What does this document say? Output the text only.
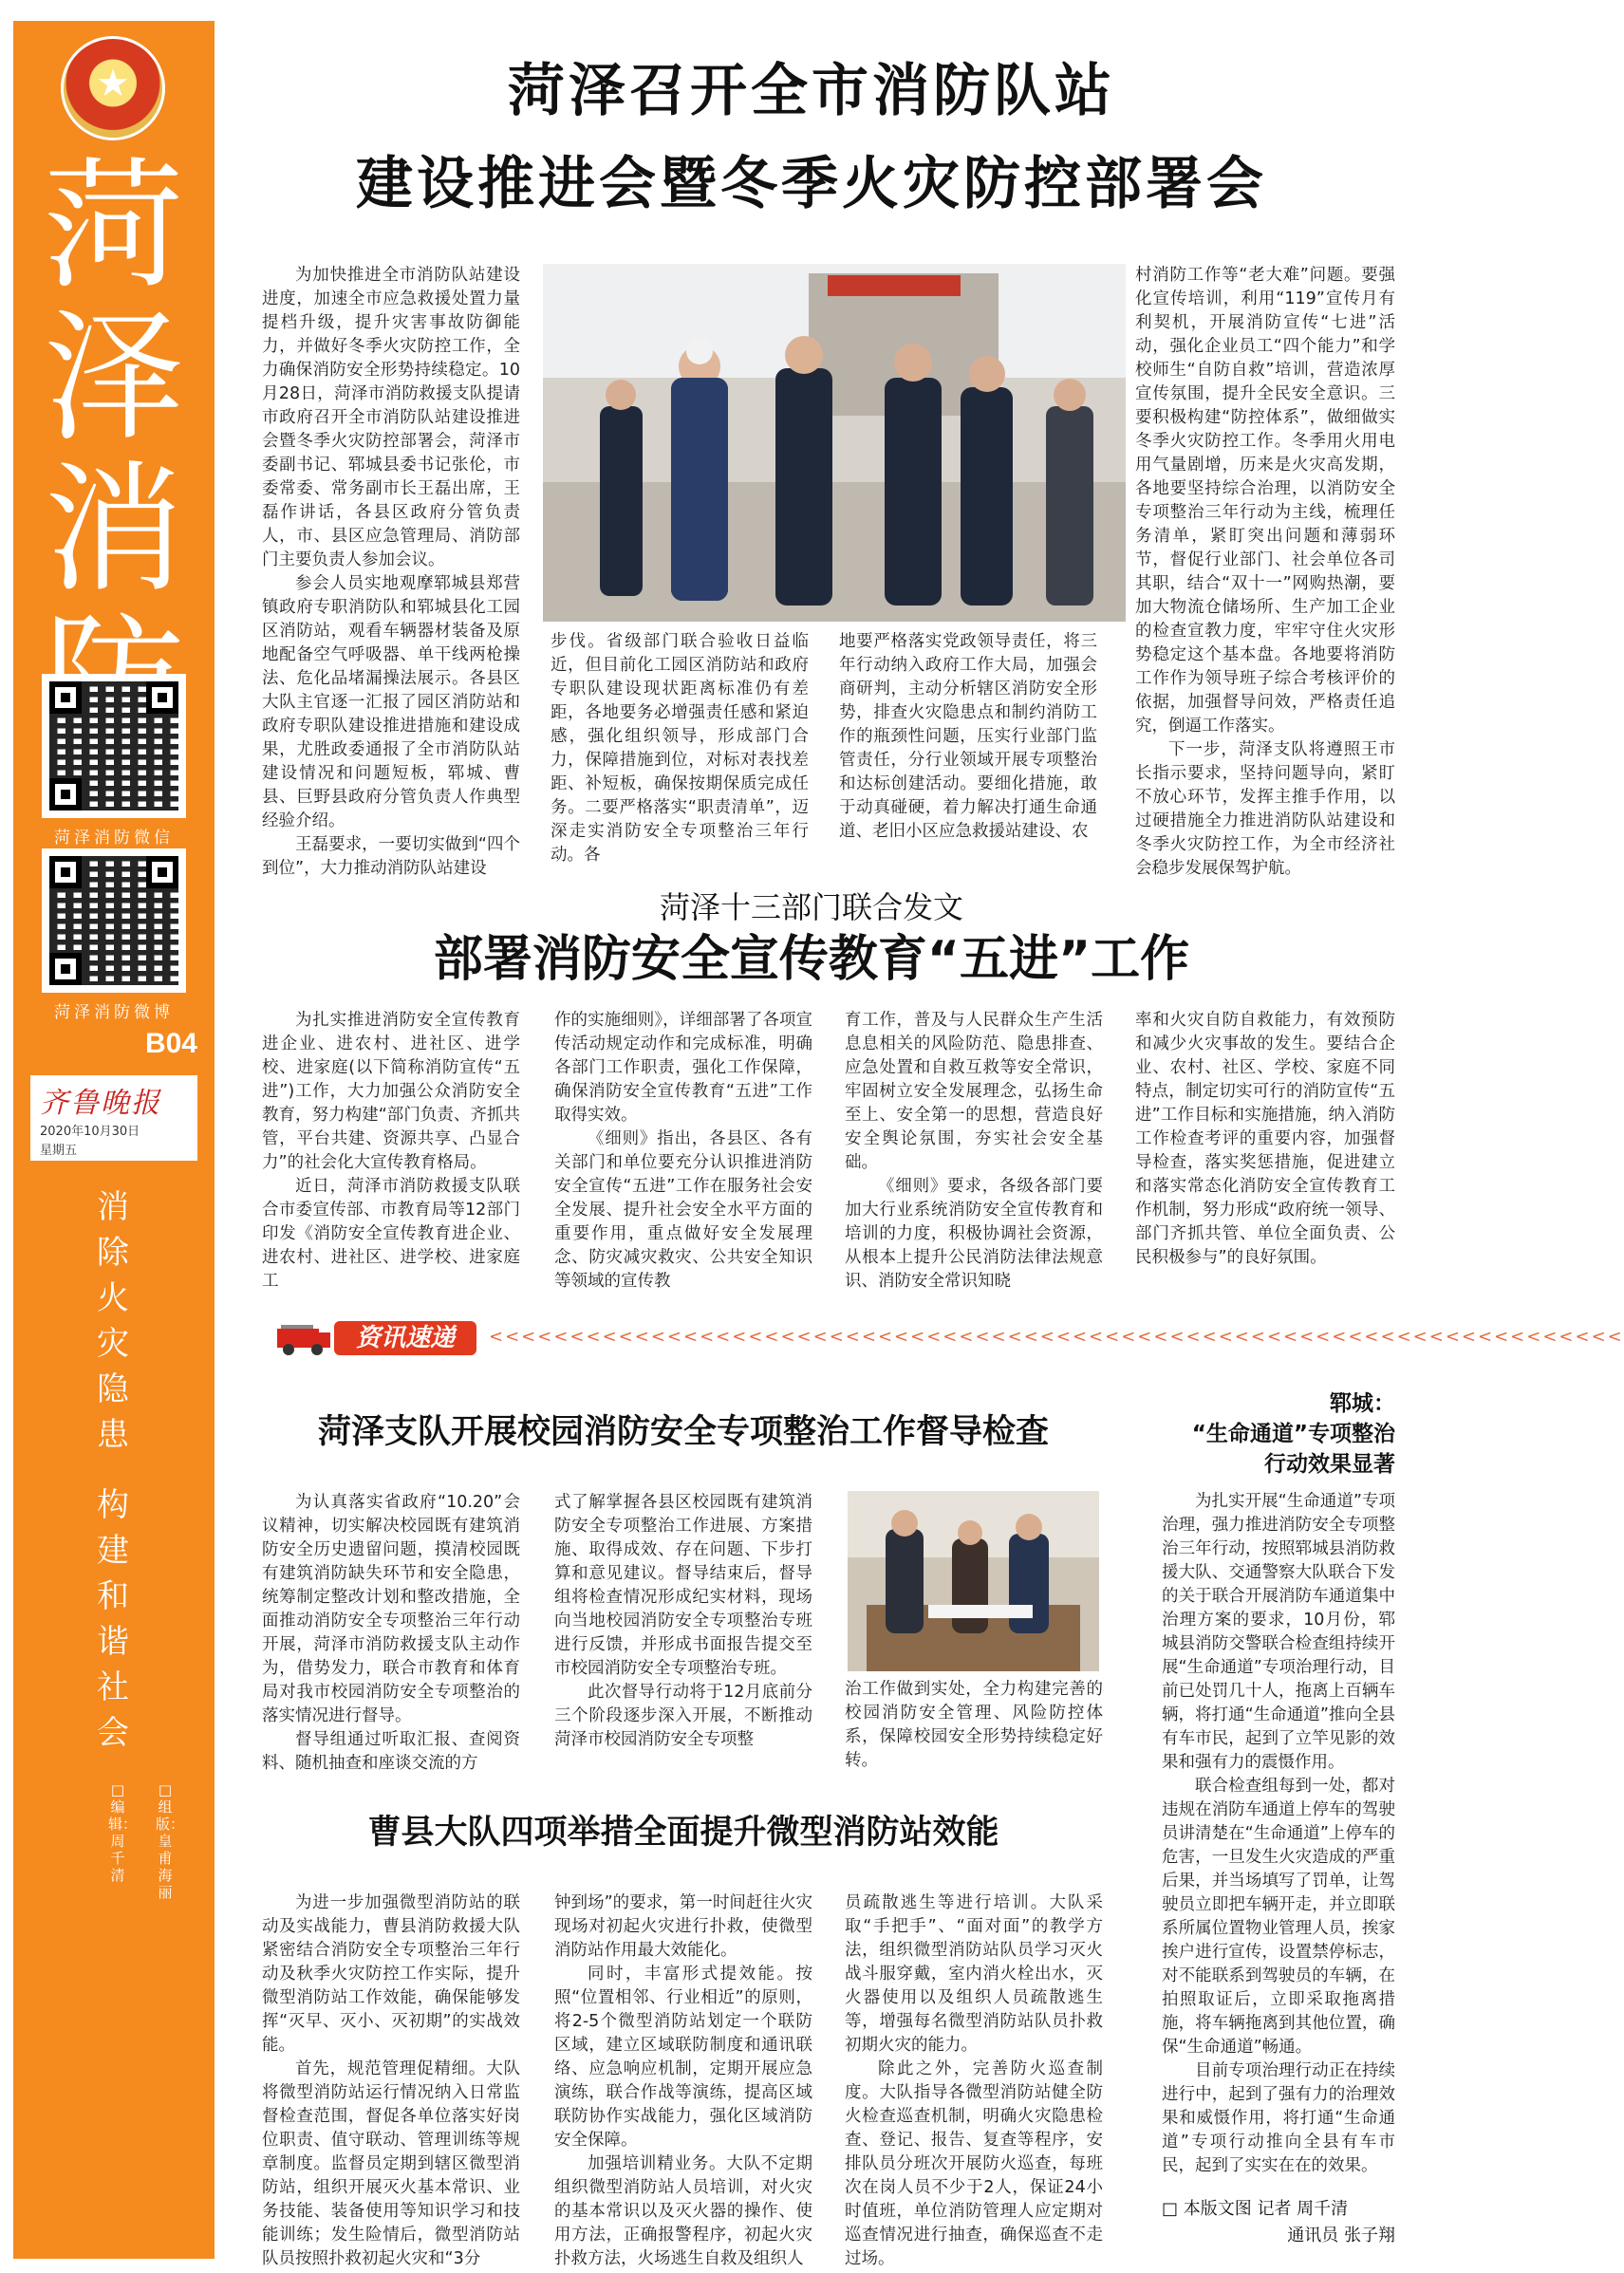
★
菏泽消
菏泽消防微信
菏泽消防微博
B04
齐鲁晚报
2020年10月30日
星期五
消除火灾隐患
构建和谐社会
□编辑：周千清
□组版：皇甫海丽
菏泽召开全市消防队站
建设推进会暨冬季火灾防控部署会

为加快推进全市消防队站建设进度，加速全市应急救援处置力量提档升级，提升灾害事故防御能力，并做好冬季火灾防控工作，全力确保消防安全形势持续稳定。10月28日，菏泽市消防救援支队提请市政府召开全市消防队站建设推进会暨冬季火灾防控部署会，菏泽市委副书记、郓城县委书记张伦，市委常委、常务副市长王磊出席，王磊作讲话，各县区政府分管负责人，市、县区应急管理局、消防部门主要负责人参加会议。

参会人员实地观摩郓城县郑营镇政府专职消防队和郓城县化工园区消防站，观看车辆器材装备及原地配备空气呼吸器、单干线两枪操法、危化品堵漏操法展示。各县区大队主官逐一汇报了园区消防站和政府专职队建设推进措施和建设成果，尤胜政委通报了全市消防队站建设情况和问题短板，郓城、曹县、巨野县政府分管负责人作典型经验介绍。

王磊要求，一要切实做到“四个到位”，大力推动消防队站建设

步伐。省级部门联合验收日益临近，但目前化工园区消防站和政府专职队建设现状距离标准仍有差距，各地要务必增强责任感和紧迫感，强化组织领导，形成部门合力，保障措施到位，对标对表找差距、补短板，确保按期保质完成任务。二要严格落实“职责清单”，迈深走实消防安全专项整治三年行动。各

地要严格落实党政领导责任，将三年行动纳入政府工作大局，加强会商研判，主动分析辖区消防安全形势，排查火灾隐患点和制约消防工作的瓶颈性问题，压实行业部门监管责任，分行业领域开展专项整治和达标创建活动。要细化措施，敢于动真碰硬，着力解决打通生命通道、老旧小区应急救援站建设、农

村消防工作等“老大难”问题。要强化宣传培训，利用“119”宣传月有利契机，开展消防宣传“七进”活动，强化企业员工“四个能力”和学校师生“自防自救”培训，营造浓厚宣传氛围，提升全民安全意识。三要积极构建“防控体系”，做细做实冬季火灾防控工作。冬季用火用电用气量剧增，历来是火灾高发期，各地要坚持综合治理，以消防安全专项整治三年行动为主线，梳理任务清单，紧盯突出问题和薄弱环节，督促行业部门、社会单位各司其职，结合“双十一”网购热潮，要加大物流仓储场所、生产加工企业的检查宣教力度，牢牢守住火灾形势稳定这个基本盘。各地要将消防工作作为领导班子综合考核评价的依据，加强督导问效，严格责任追究，倒逼工作落实。

下一步，菏泽支队将遵照王市长指示要求，坚持问题导向，紧盯不放心环节，发挥主推手作用，以过硬措施全力推进消防队站建设和冬季火灾防控工作，为全市经济社会稳步发展保驾护航。

菏泽十三部门联合发文
部署消防安全宣传教育“五进”工作

为扎实推进消防安全宣传教育进企业、进农村、进社区、进学校、进家庭(以下简称消防宣传“五进”)工作，大力加强公众消防安全教育，努力构建“部门负责、齐抓共管，平台共建、资源共享、凸显合力”的社会化大宣传教育格局。

近日，菏泽市消防救援支队联合市委宣传部、市教育局等12部门印发《消防安全宣传教育进企业、进农村、进社区、进学校、进家庭工

作的实施细则》，详细部署了各项宣传活动规定动作和完成标准，明确各部门工作职责，强化工作保障，确保消防安全宣传教育“五进”工作取得实效。

《细则》指出，各县区、各有关部门和单位要充分认识推进消防安全宣传“五进”工作在服务社会安全发展、提升社会安全水平方面的重要作用，重点做好安全发展理念、防灾减灾救灾、公共安全知识等领域的宣传教

育工作，普及与人民群众生产生活息息相关的风险防范、隐患排查、应急处置和自救互救等安全常识，牢固树立安全发展理念，弘扬生命至上、安全第一的思想，营造良好安全舆论氛围，夯实社会安全基础。

《细则》要求，各级各部门要加大行业系统消防安全宣传教育和培训的力度，积极协调社会资源，从根本上提升公民消防法律法规意识、消防安全常识知晓

率和火灾自防自救能力，有效预防和减少火灾事故的发生。要结合企业、农村、社区、学校、家庭不同特点，制定切实可行的消防宣传“五进”工作目标和实施措施，纳入消防工作检查考评的重要内容，加强督导检查，落实奖惩措施，促进建立和落实常态化消防安全宣传教育工作机制，努力形成“政府统一领导、部门齐抓共管、单位全面负责、公民积极参与”的良好氛围。

资讯速递	<<<<<<<<<<<<<<<<<<<<<<<<<<<<<<<<<<<<<<<<<<<<<<<<<<<<<<<<<<<<<<<<<<<<<<
菏泽支队开展校园消防安全专项整治工作督导检查

为认真落实省政府“10.20”会议精神，切实解决校园既有建筑消防安全历史遗留问题，摸清校园既有建筑消防缺失环节和安全隐患，统筹制定整改计划和整改措施，全面推动消防安全专项整治三年行动开展，菏泽市消防救援支队主动作为，借势发力，联合市教育和体育局对我市校园消防安全专项整治的落实情况进行督导。

督导组通过听取汇报、查阅资料、随机抽查和座谈交流的方

式了解掌握各县区校园既有建筑消防安全专项整治工作进展、方案措施、取得成效、存在问题、下步打算和意见建议。督导结束后，督导组将检查情况形成纪实材料，现场向当地校园消防安全专项整治专班进行反馈，并形成书面报告提交至市校园消防安全专项整治专班。

此次督导行动将于12月底前分三个阶段逐步深入开展，不断推动菏泽市校园消防安全专项整

治工作做到实处，全力构建完善的校园消防安全管理、风险防控体系，保障校园安全形势持续稳定好转。

曹县大队四项举措全面提升微型消防站效能

为进一步加强微型消防站的联动及实战能力，曹县消防救援大队紧密结合消防安全专项整治三年行动及秋季火灾防控工作实际，提升微型消防站工作效能，确保能够发挥“灭早、灭小、灭初期”的实战效能。

首先，规范管理促精细。大队将微型消防站运行情况纳入日常监督检查范围，督促各单位落实好岗位职责、值守联动、管理训练等规章制度。监督员定期到辖区微型消防站，组织开展灭火基本常识、业务技能、装备使用等知识学习和技能训练；发生险情后，微型消防站队员按照扑救初起火灾和“3分

钟到场”的要求，第一时间赶往火灾现场对初起火灾进行扑救，使微型消防站作用最大效能化。

同时，丰富形式提效能。按照“位置相邻、行业相近”的原则，将2-5个微型消防站划定一个联防区域，建立区域联防制度和通讯联络、应急响应机制，定期开展应急演练，联合作战等演练，提高区域联防协作实战能力，强化区域消防安全保障。

加强培训精业务。大队不定期组织微型消防站人员培训，对火灾的基本常识以及灭火器的操作、使用方法，正确报警程序，初起火灾扑救方法，火场逃生自救及组织人

员疏散逃生等进行培训。大队采取“手把手”、“面对面”的教学方法，组织微型消防站队员学习灭火战斗服穿戴，室内消火栓出水，灭火器使用以及组织人员疏散逃生等，增强每名微型消防站队员扑救初期火灾的能力。

除此之外，完善防火巡查制度。大队指导各微型消防站健全防火检查巡查机制，明确火灾隐患检查、登记、报告、复查等程序，安排队员分班次开展防火巡查，每班次在岗人员不少于2人，保证24小时值班，单位消防管理人应定期对巡查情况进行抽查，确保巡查不走过场。

郓城：
“生命通道”专项整治
行动效果显著

为扎实开展“生命通道”专项治理，强力推进消防安全专项整治三年行动，按照郓城县消防救援大队、交通警察大队联合下发的关于联合开展消防车通道集中治理方案的要求，10月份，郓城县消防交警联合检查组持续开展“生命通道”专项治理行动，目前已处罚几十人，拖离上百辆车辆，将打通“生命通道”推向全县有车市民，起到了立竿见影的效果和强有力的震慑作用。

联合检查组每到一处，都对违规在消防车通道上停车的驾驶员讲清楚在“生命通道”上停车的危害，一旦发生火灾造成的严重后果，并当场填写了罚单，让驾驶员立即把车辆开走，并立即联系所属位置物业管理人员，挨家挨户进行宣传，设置禁停标志，对不能联系到驾驶员的车辆，在拍照取证后，立即采取拖离措施，将车辆拖离到其他位置，确保“生命通道”畅通。

目前专项治理行动正在持续进行中，起到了强有力的治理效果和威慑作用，将打通“生命通道”专项行动推向全县有车市民，起到了实实在在的效果。

□ 本版文图 记者 周千清
通讯员 张子翔
